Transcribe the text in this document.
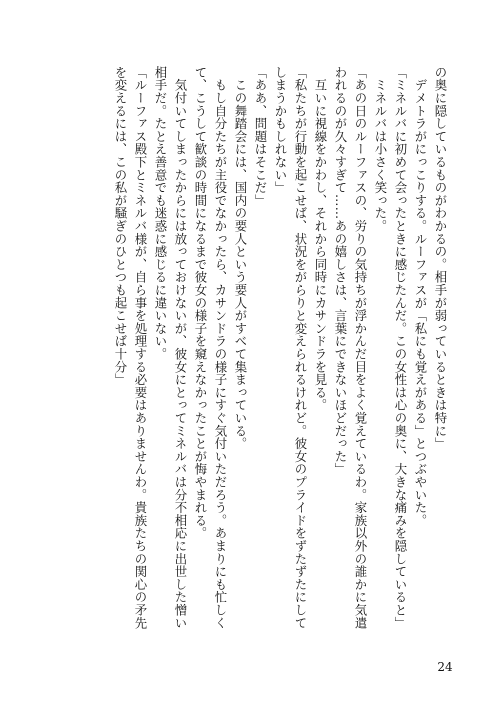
の奥に隠しているものがわかるの。相手が弱っているときは特に」
　デメトラがにっこりする。ルーファスが「私にも覚えがある」とつぶやいた。
「ミネルバに初めて会ったときに感じたんだ。この女性は心の奥に、大きな痛みを隠していると」
　ミネルバは小さく笑った。
「あの日のルーファスの、労りの気持ちが浮かんだ目をよく覚えているわ。家族以外の誰かに気遣
われるのが久々すぎて……あの嬉しさは、言葉にできないほどだった」
　互いに視線をかわし、それから同時にカサンドラを見る。
「私たちが行動を起こせば、状況をがらりと変えられるけれど。彼女のプライドをずたずたにして
しまうかもしれない」
「ああ、問題はそこだ」
　この舞踏会には、国内の要人という要人がすべて集まっている。
　もし自分たちが主役でなかったら、カサンドラの様子にすぐ気付いただろう。あまりにも忙しく
て、こうして歓談の時間になるまで彼女の様子を窺えなかったことが悔やまれる。
　気付いてしまったからには放っておけないが、彼女にとってミネルバは分不相応に出世した憎い
相手だ。たとえ善意でも迷惑に感じるに違いない。
「ルーファス殿下とミネルバ様が、自ら事を処理する必要はありませんわ。貴族たちの関心の矛先
を変えるには、この私が騒ぎのひとつも起こせば十分」
24
